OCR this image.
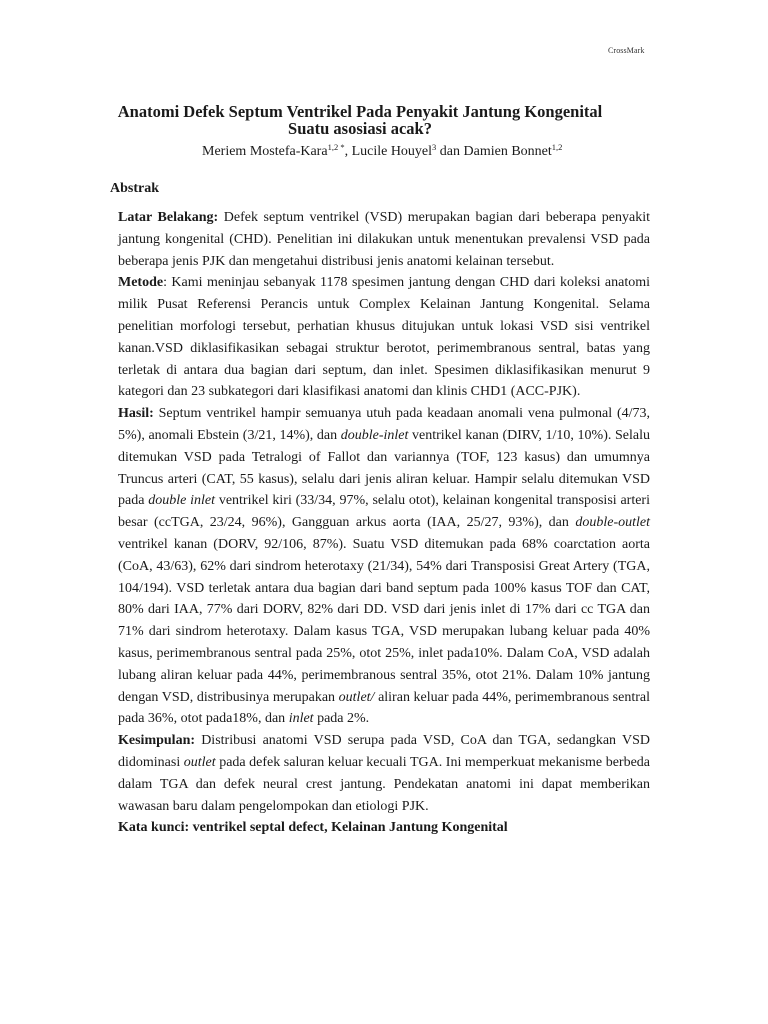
CrossMark
Anatomi Defek Septum Ventrikel Pada Penyakit Jantung Kongenital Suatu asosiasi acak?
Meriem Mostefa-Kara$^{1,2 *}$, Lucile Houyel$^3$ dan Damien Bonnet$^{1,2}$
Abstrak

Latar Belakang: Defek septum ventrikel (VSD) merupakan bagian dari beberapa penyakit jantung kongenital (CHD). Penelitian ini dilakukan untuk menentukan prevalensi VSD pada beberapa jenis PJK dan mengetahui distribusi jenis anatomi kelainan tersebut.

Metode: Kami meninjau sebanyak 1178 spesimen jantung dengan CHD dari koleksi anatomi milik Pusat Referensi Perancis untuk Complex Kelainan Jantung Kongenital. Selama penelitian morfologi tersebut, perhatian khusus ditujukan untuk lokasi VSD sisi ventrikel kanan.VSD diklasifikasikan sebagai struktur berotot, perimembranous sentral, batas yang terletak di antara dua bagian dari septum, dan inlet. Spesimen diklasifikasikan menurut 9 kategori dan 23 subkategori dari klasifikasi anatomi dan klinis CHD1 (ACC-PJK).

Hasil: Septum ventrikel hampir semuanya utuh pada keadaan anomali vena pulmonal (4/73, 5%), anomali Ebstein (3/21, 14%), dan double-inlet ventrikel kanan (DIRV, 1/10, 10%). Selalu ditemukan VSD pada Tetralogi of Fallot dan variannya (TOF, 123 kasus) dan umumnya Truncus arteri (CAT, 55 kasus), selalu dari jenis aliran keluar. Hampir selalu ditemukan VSD pada double inlet ventrikel kiri (33/34, 97%, selalu otot), kelainan kongenital transposisi arteri besar (ccTGA, 23/24, 96%), Gangguan arkus aorta (IAA, 25/27, 93%), dan double-outlet ventrikel kanan (DORV, 92/106, 87%). Suatu VSD ditemukan pada 68% coarctation aorta (CoA, 43/63), 62% dari sindrom heterotaxy (21/34), 54% dari Transposisi Great Artery (TGA, 104/194). VSD terletak antara dua bagian dari band septum pada 100% kasus TOF dan CAT, 80% dari IAA, 77% dari DORV, 82% dari DD. VSD dari jenis inlet di 17% dari cc TGA dan 71% dari sindrom heterotaxy. Dalam kasus TGA, VSD merupakan lubang keluar pada 40% kasus, perimembranous sentral pada 25%, otot 25%, inlet pada10%. Dalam CoA, VSD adalah lubang aliran keluar pada 44%, perimembranous sentral 35%, otot 21%. Dalam 10% jantung dengan VSD, distribusinya merupakan outlet/ aliran keluar pada 44%, perimembranous sentral pada 36%, otot pada18%, dan inlet pada 2%.

Kesimpulan: Distribusi anatomi VSD serupa pada VSD, CoA dan TGA, sedangkan VSD didominasi outlet pada defek saluran keluar kecuali TGA. Ini memperkuat mekanisme berbeda dalam TGA dan defek neural crest jantung. Pendekatan anatomi ini dapat memberikan wawasan baru dalam pengelompokan dan etiologi PJK.

Kata kunci: ventrikel septal defect, Kelainan Jantung Kongenital
